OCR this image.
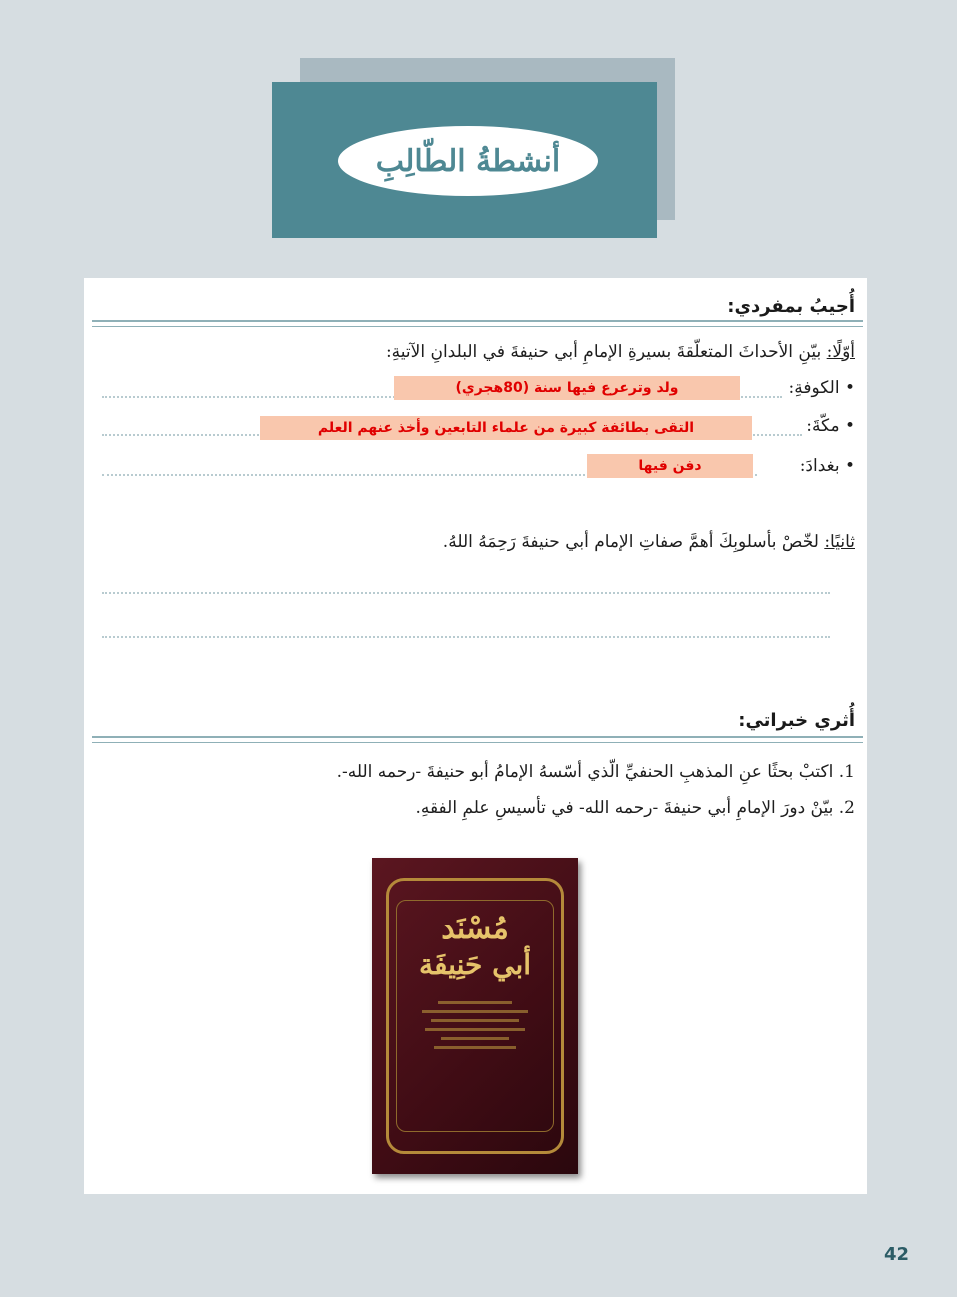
أنشطةُ الطّالِبِ
أُجيبُ بمفردي:
أوّلًا: بيّنِ الأحداثَ المتعلّقةَ بسيرةِ الإمامِ أبي حنيفةَ في البلدانِ الآتيةِ:
• الكوفةِ:
ولد وترعرع فيها سنة (80هجري)
• مكّةَ:
التقى بطائفة كبيرة من علماء التابعين وأخذ عنهم العلم
• بغدادَ:
دفن فيها
ثانيًا: لخّصْ بأسلوبِكَ أهمَّ صفاتِ الإمام أبي حنيفةَ رَحِمَهُ اللهُ.
أُثري خبراتي:
1. اكتبْ بحثًا عنِ المذهبِ الحنفيِّ الّذي أسّسهُ الإمامُ أبو حنيفةَ -رحمه الله-.
2. بيّنْ دورَ الإمامِ أبي حنيفةَ -رحمه الله- في تأسيسِ علمِ الفقهِ.
مُسْنَد
أبي حَنِيفَة
42
